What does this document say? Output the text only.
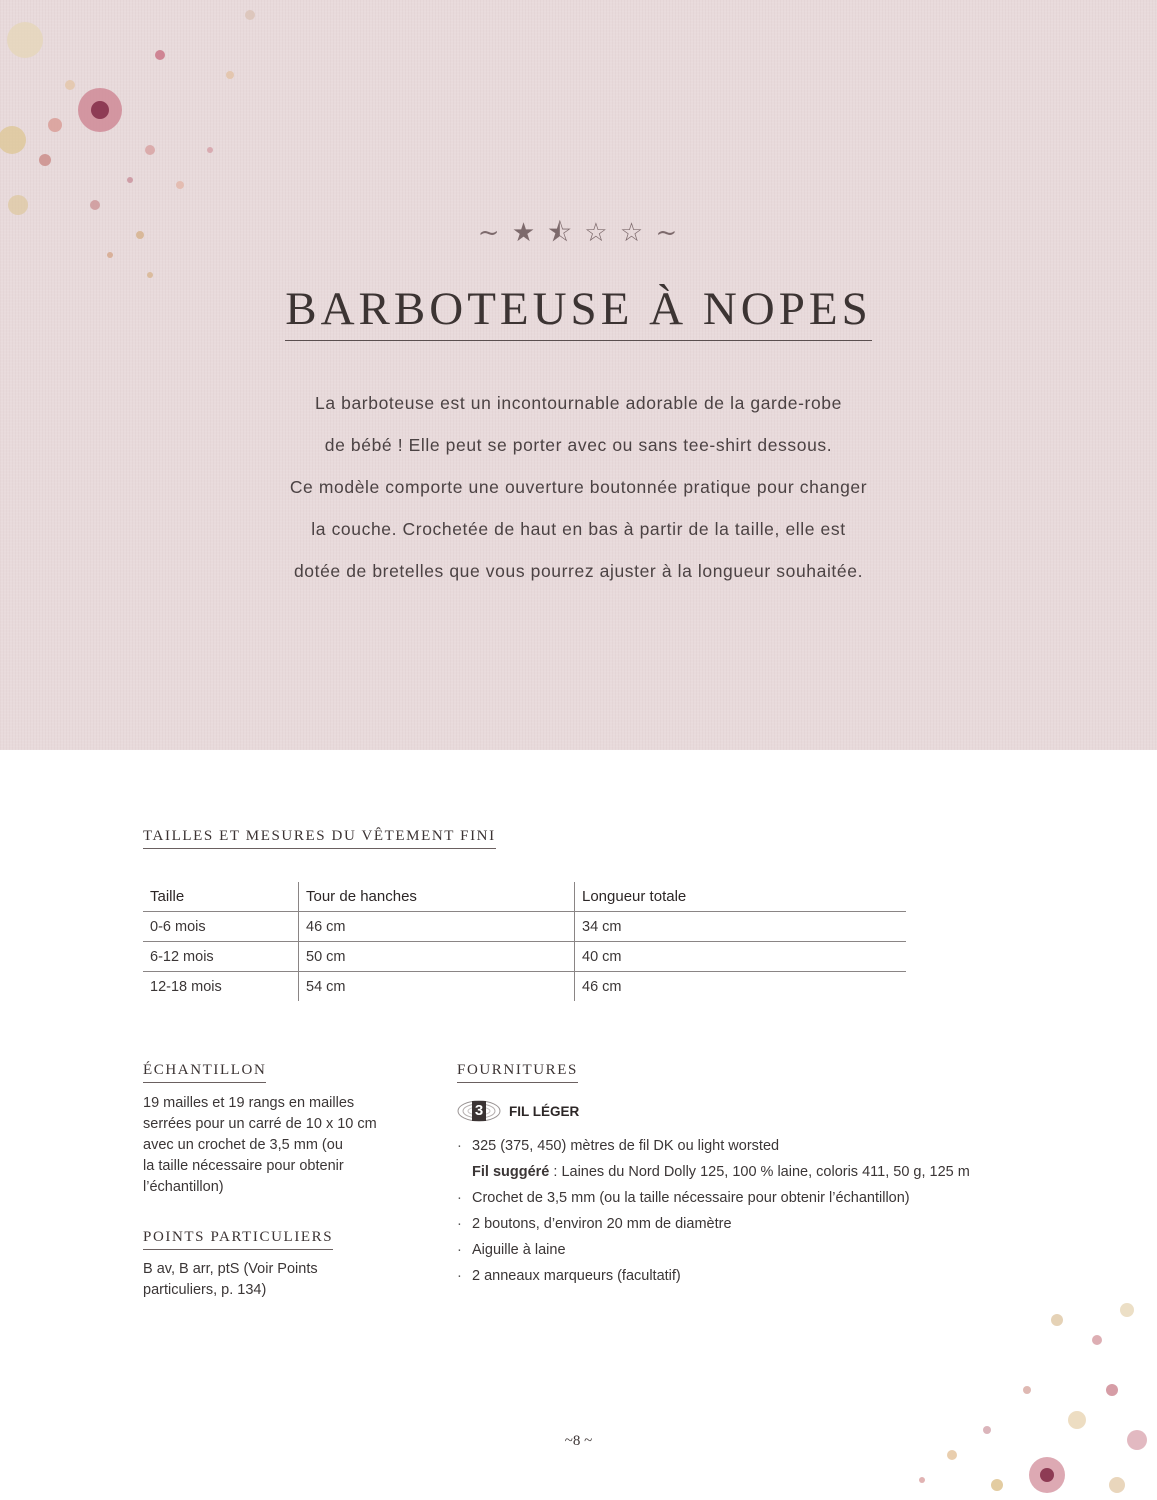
~ ★ ⯪ ☆ ☆ ~
BARBOTEUSE À NOPES
La barboteuse est un incontournable adorable de la garde-robe
de bébé ! Elle peut se porter avec ou sans tee-shirt dessous.
Ce modèle comporte une ouverture boutonnée pratique pour changer
la couche. Crochetée de haut en bas à partir de la taille, elle est
dotée de bretelles que vous pourrez ajuster à la longueur souhaitée.
TAILLES ET MESURES DU VÊTEMENT FINI
Taille	Tour de hanches	Longueur totale
0-6 mois	46 cm	34 cm
6-12 mois	50 cm	40 cm
12-18 mois	54 cm	46 cm
ÉCHANTILLON
19 mailles et 19 rangs en mailles
serrées pour un carré de 10 x 10 cm
avec un crochet de 3,5 mm (ou
la taille nécessaire pour obtenir
l’échantillon)
POINTS PARTICULIERS
B av, B arr, ptS (Voir Points
particuliers, p. 134)
FOURNITURES
3 FIL LÉGER
· 325 (375, 450) mètres de fil DK ou light worsted
Fil suggéré : Laines du Nord Dolly 125, 100 % laine, coloris 411, 50 g, 125 m
· Crochet de 3,5 mm (ou la taille nécessaire pour obtenir l’échantillon)
· 2 boutons, d’environ 20 mm de diamètre
· Aiguille à laine
· 2 anneaux marqueurs (facultatif)
~8 ~
